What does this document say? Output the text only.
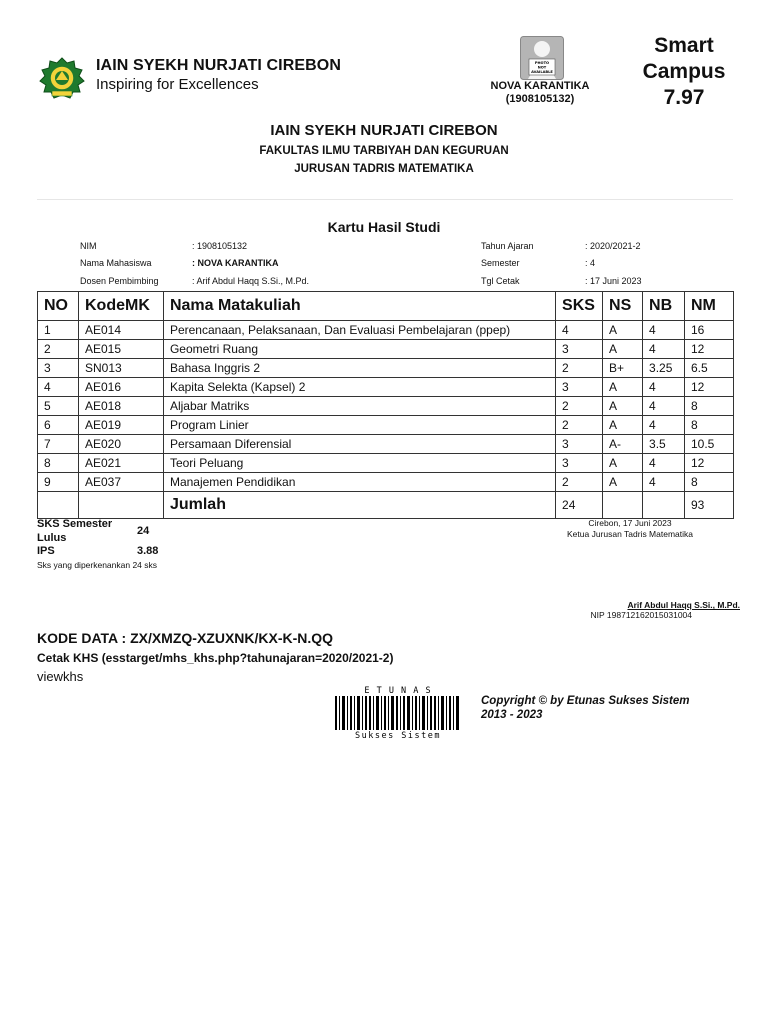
IAIN SYEKH NURJATI CIREBON
Inspiring for Excellences
PHOTO
NOT
AVAILABLE
NOVA KARANTIKA
(1908105132)
Smart
Campus
7.97
IAIN SYEKH NURJATI CIREBON
FAKULTAS ILMU TARBIYAH DAN KEGURUAN
JURUSAN TADRIS MATEMATIKA
Kartu Hasil Studi
NIM	: 1908105132
Nama Mahasiswa	: NOVA KARANTIKA
Dosen Pembimbing	: Arif Abdul Haqq S.Si., M.Pd.
Tahun Ajaran	: 2020/2021-2
Semester	: 4
Tgl Cetak	: 17 Juni 2023
NO	KodeMK	Nama Matakuliah	SKS	NS	NB	NM
1	AE014	Perencanaan, Pelaksanaan, Dan Evaluasi Pembelajaran (ppep)	4	A	4	16
2	AE015	Geometri Ruang	3	A	4	12
3	SN013	Bahasa Inggris 2	2	B+	3.25	6.5
4	AE016	Kapita Selekta (Kapsel) 2	3	A	4	12
5	AE018	Aljabar Matriks	2	A	4	8
6	AE019	Program Linier	2	A	4	8
7	AE020	Persamaan Diferensial	3	A-	3.5	10.5
8	AE021	Teori Peluang	3	A	4	12
9	AE037	Manajemen Pendidikan	2	A	4	8
		Jumlah	24			93
SKS Semester
Lulus
24
IPS	3.88
Sks yang diperkenankan 24 sks
Cirebon, 17 Juni 2023
Ketua Jurusan Tadris Matematika
Arif Abdul Haqq S.Si., M.Pd.
NIP 198712162015031004
KODE DATA : ZX/XMZQ-XZUXNK/KX-K-N.QQ
Cetak KHS (esstarget/mhs_khs.php?tahunajaran=2020/2021-2)
viewkhs
E T U N A S
Sukses Sistem
Copyright © by Etunas Sukses Sistem
2013 - 2023
